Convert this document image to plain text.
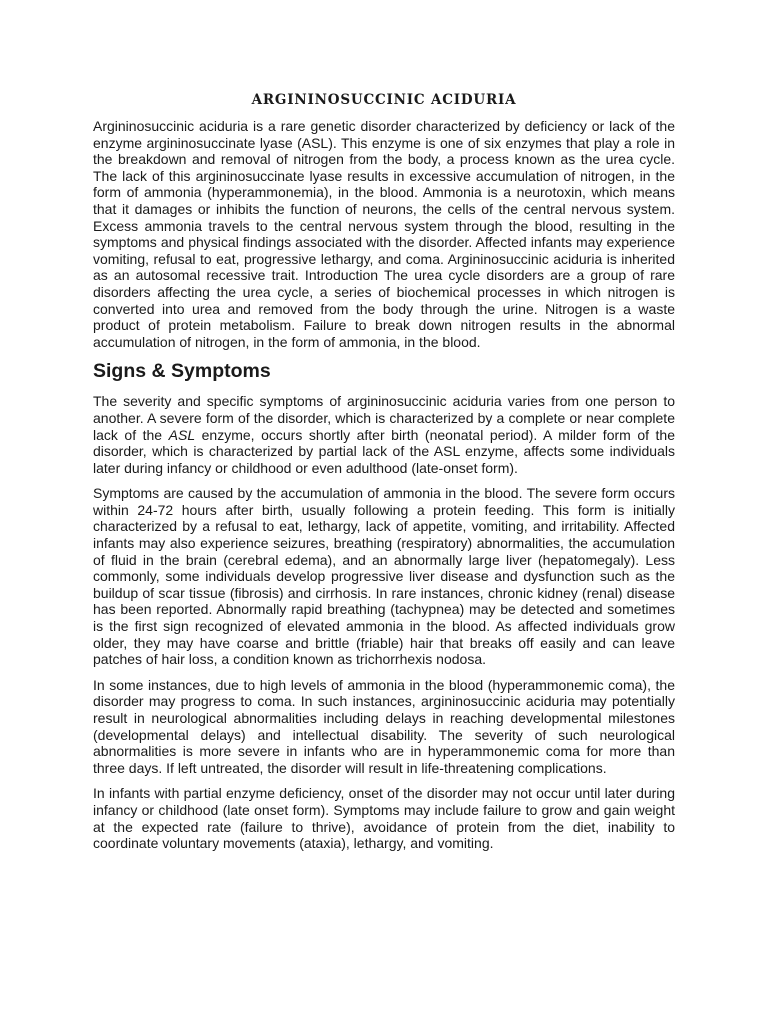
ARGININOSUCCINIC ACIDURIA

Argininosuccinic aciduria is a rare genetic disorder characterized by deficiency or lack of the enzyme argininosuccinate lyase (ASL). This enzyme is one of six enzymes that play a role in the breakdown and removal of nitrogen from the body, a process known as the urea cycle. The lack of this argininosuccinate lyase results in excessive accumulation of nitrogen, in the form of ammonia (hyperammonemia), in the blood. Ammonia is a neurotoxin, which means that it damages or inhibits the function of neurons, the cells of the central nervous system. Excess ammonia travels to the central nervous system through the blood, resulting in the symptoms and physical findings associated with the disorder. Affected infants may experience vomiting, refusal to eat, progressive lethargy, and coma. Argininosuccinic aciduria is inherited as an autosomal recessive trait. Introduction The urea cycle disorders are a group of rare disorders affecting the urea cycle, a series of biochemical processes in which nitrogen is converted into urea and removed from the body through the urine. Nitrogen is a waste product of protein metabolism. Failure to break down nitrogen results in the abnormal accumulation of nitrogen, in the form of ammonia, in the blood.

Signs & Symptoms

The severity and specific symptoms of argininosuccinic aciduria varies from one person to another. A severe form of the disorder, which is characterized by a complete or near complete lack of the ASL enzyme, occurs shortly after birth (neonatal period). A milder form of the disorder, which is characterized by partial lack of the ASL enzyme, affects some individuals later during infancy or childhood or even adulthood (late-onset form).

Symptoms are caused by the accumulation of ammonia in the blood. The severe form occurs within 24-72 hours after birth, usually following a protein feeding. This form is initially characterized by a refusal to eat, lethargy, lack of appetite, vomiting, and irritability. Affected infants may also experience seizures, breathing (respiratory) abnormalities, the accumulation of fluid in the brain (cerebral edema), and an abnormally large liver (hepatomegaly). Less commonly, some individuals develop progressive liver disease and dysfunction such as the buildup of scar tissue (fibrosis) and cirrhosis. In rare instances, chronic kidney (renal) disease has been reported. Abnormally rapid breathing (tachypnea) may be detected and sometimes is the first sign recognized of elevated ammonia in the blood. As affected individuals grow older, they may have coarse and brittle (friable) hair that breaks off easily and can leave patches of hair loss, a condition known as trichorrhexis nodosa.

In some instances, due to high levels of ammonia in the blood (hyperammonemic coma), the disorder may progress to coma. In such instances, argininosuccinic aciduria may potentially result in neurological abnormalities including delays in reaching developmental milestones (developmental delays) and intellectual disability. The severity of such neurological abnormalities is more severe in infants who are in hyperammonemic coma for more than three days. If left untreated, the disorder will result in life-threatening complications.

In infants with partial enzyme deficiency, onset of the disorder may not occur until later during infancy or childhood (late onset form). Symptoms may include failure to grow and gain weight at the expected rate (failure to thrive), avoidance of protein from the diet, inability to coordinate voluntary movements (ataxia), lethargy, and vomiting.
